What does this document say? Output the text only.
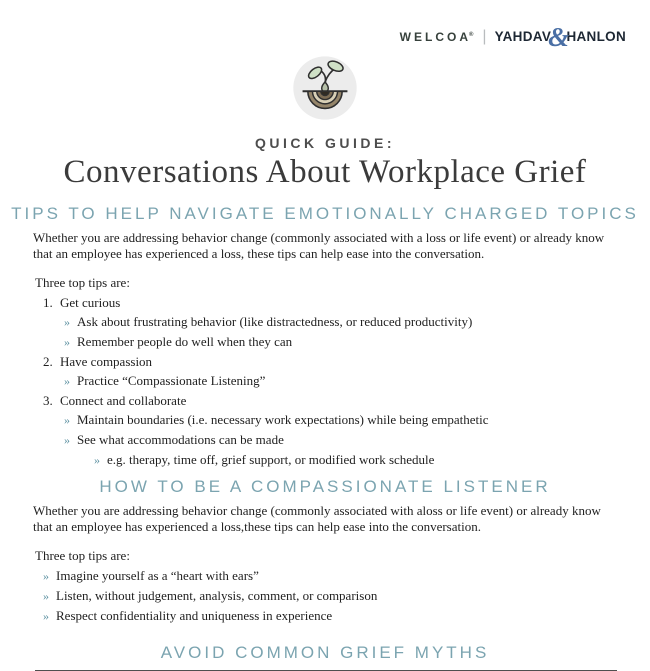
WELCOA® | YAHDAV
&
HANLON
QUICK GUIDE:
Conversations About Workplace Grief
TIPS TO HELP NAVIGATE EMOTIONALLY CHARGED TOPICS

Whether you are addressing behavior change (commonly associated with a loss or life event) or already know that an employee has experienced a loss, these tips can help ease into the conversation.

Three top tips are:
1. Get curious
» Ask about frustrating behavior (like distractedness, or reduced productivity)
» Remember people do well when they can
2. Have compassion
» Practice “Compassionate Listening”
3. Connect and collaborate
» Maintain boundaries (i.e. necessary work expectations) while being empathetic
» See what accommodations can be made
» e.g. therapy, time off, grief support, or modified work schedule
HOW TO BE A COMPASSIONATE LISTENER

Whether you are addressing behavior change (commonly associated with aloss or life event) or already know that an employee has experienced a loss,these tips can help ease into the conversation.

Three top tips are:
» Imagine yourself as a “heart with ears”
» Listen, without judgement, analysis, comment, or comparison
» Respect confidentiality and uniqueness in experience
AVOID COMMON GRIEF MYTHS
